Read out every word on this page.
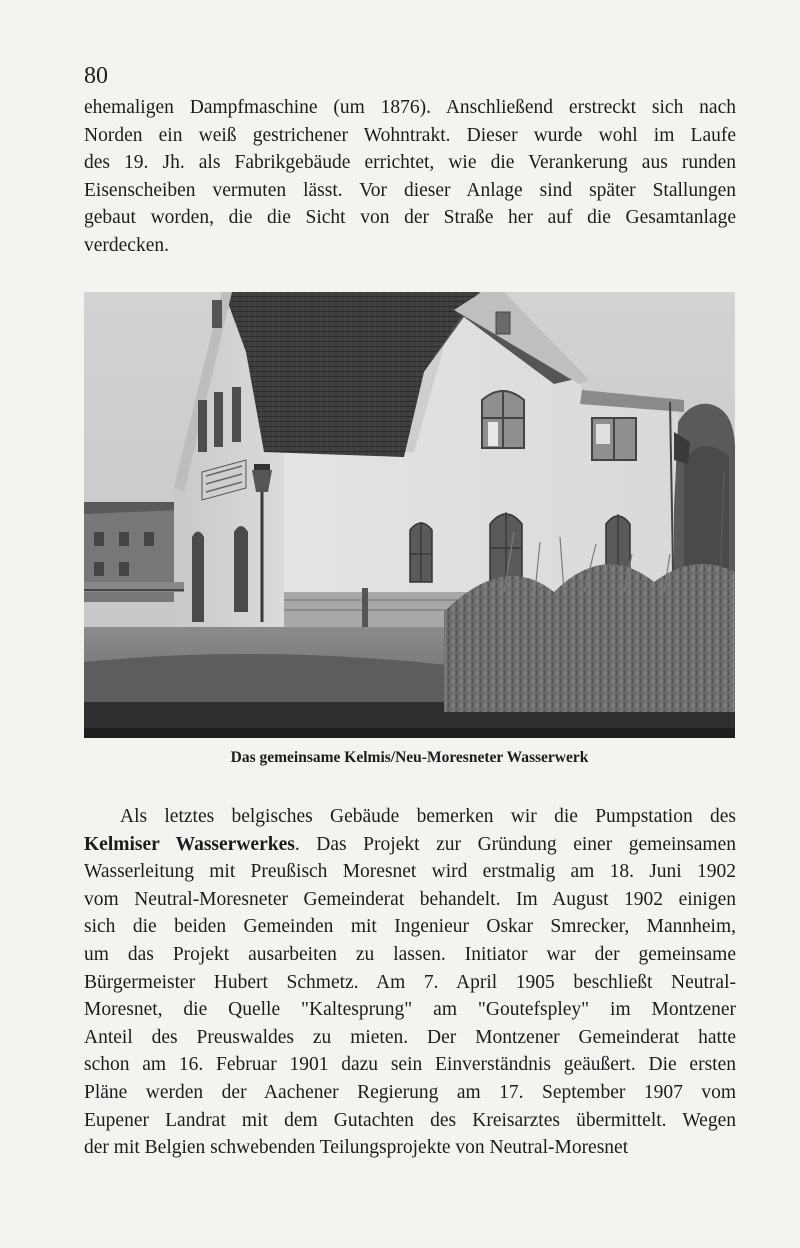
80
ehemaligen Dampfmaschine (um 1876). Anschließend erstreckt sich nach
Norden ein weiß gestrichener Wohntrakt. Dieser wurde wohl im Laufe
des 19. Jh. als Fabrikgebäude errichtet, wie die Verankerung aus runden
Eisenscheiben vermuten lässt. Vor dieser Anlage sind später Stallungen
gebaut worden, die die Sicht von der Straße her auf die Gesamtanlage
verdecken.
Das gemeinsame Kelmis/Neu-Moresneter Wasserwerk
Als letztes belgisches Gebäude bemerken wir die Pumpstation des
Kelmiser Wasserwerkes. Das Projekt zur Gründung einer gemeinsamen
Wasserleitung mit Preußisch Moresnet wird erstmalig am 18. Juni 1902
vom Neutral-Moresneter Gemeinderat behandelt. Im August 1902 einigen
sich die beiden Gemeinden mit Ingenieur Oskar Smrecker, Mannheim,
um das Projekt ausarbeiten zu lassen. Initiator war der gemeinsame
Bürgermeister Hubert Schmetz. Am 7. April 1905 beschließt Neutral-
Moresnet, die Quelle "Kaltesprung" am "Goutefspley" im Montzener
Anteil des Preuswaldes zu mieten. Der Montzener Gemeinderat hatte
schon am 16. Februar 1901 dazu sein Einverständnis geäußert. Die ersten
Pläne werden der Aachener Regierung am 17. September 1907 vom
Eupener Landrat mit dem Gutachten des Kreisarztes übermittelt. Wegen
der mit Belgien schwebenden Teilungsprojekte von Neutral-Moresnet
